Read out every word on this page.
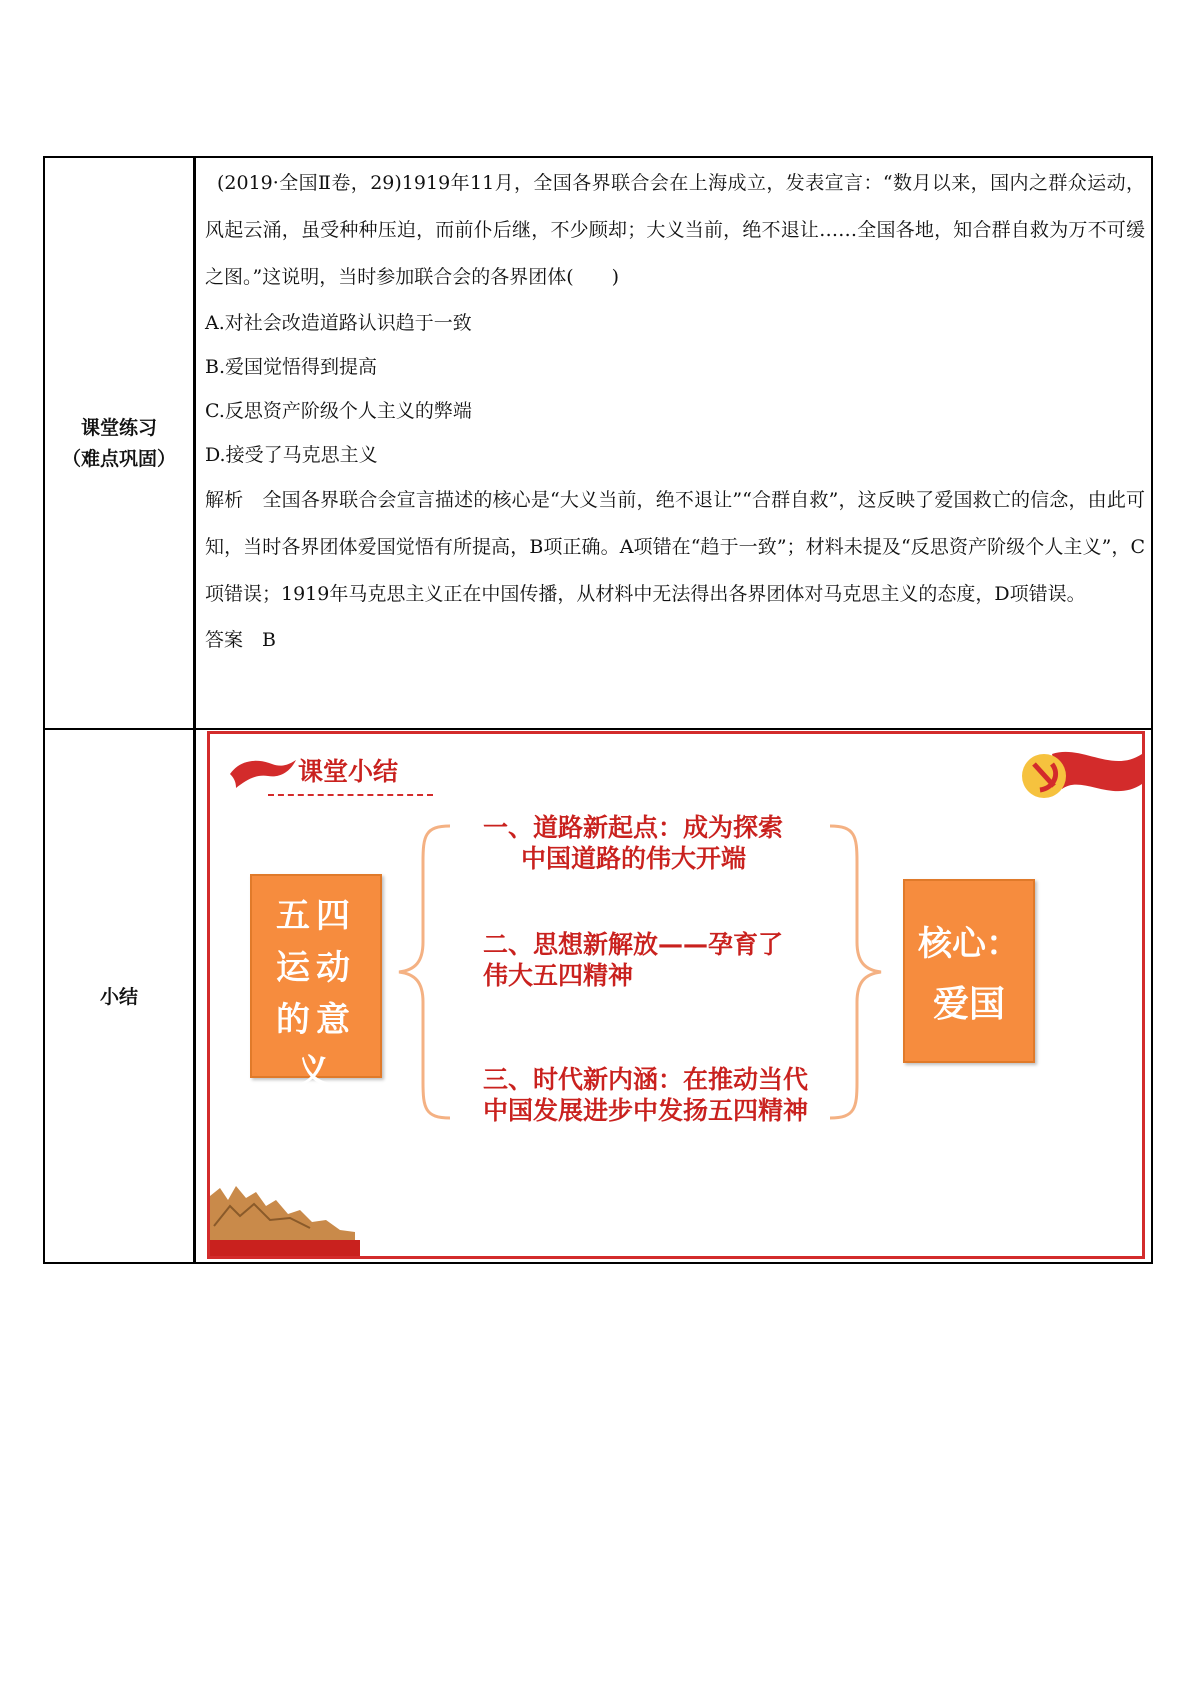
课堂练习
（难点巩固）
小结
(2019·全国Ⅱ卷，29)1919年11月，全国各界联合会在上海成立，发表宣言：“数月以来，国内之群众运动，风起云涌，虽受种种压迫，而前仆后继，不少顾却；大义当前，绝不退让……全国各地，知合群自救为万不可缓之图。”这说明，当时参加联合会的各界团体(　　)
A.对社会改造道路认识趋于一致
B.爱国觉悟得到提高
C.反思资产阶级个人主义的弊端
D.接受了马克思主义
解析　全国各界联合会宣言描述的核心是“大义当前，绝不退让”“合群自救”，这反映了爱国救亡的信念，由此可知，当时各界团体爱国觉悟有所提高，B项正确。A项错在“趋于一致”；材料未提及“反思资产阶级个人主义”，C项错误；1919年马克思主义正在中国传播，从材料中无法得出各界团体对马克思主义的态度，D项错误。
答案　B
课堂小结
五四运动的意义
一、道路新起点：成为探索
中国道路的伟大开端
二、思想新解放——孕育了
伟大五四精神
三、时代新内涵：在推动当代
中国发展进步中发扬五四精神
核心：
爱国
